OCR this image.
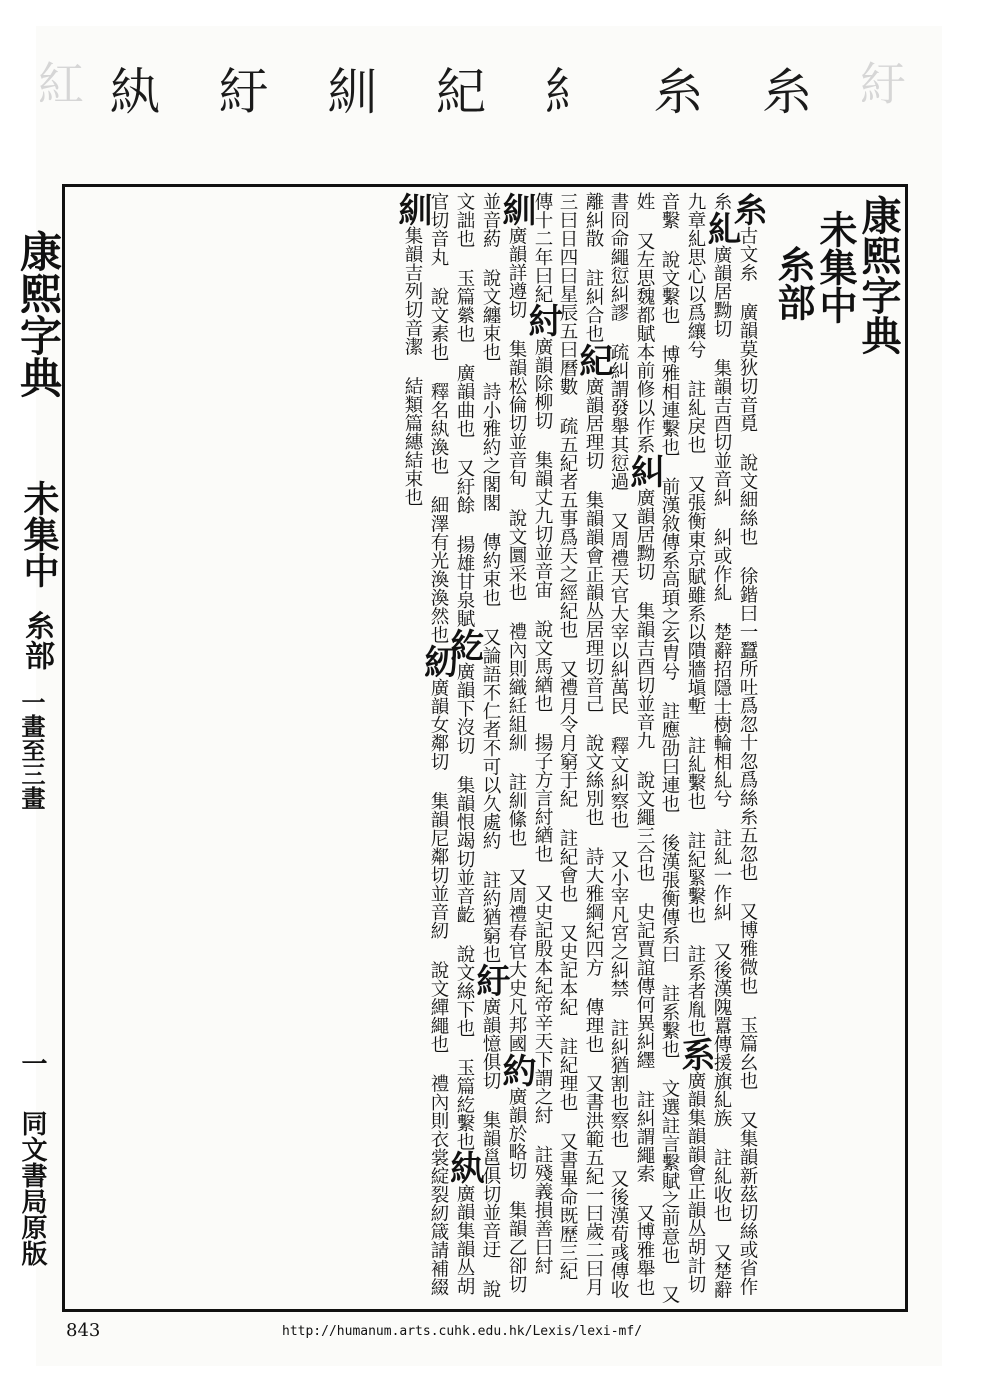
紈 紆 紃 紀 糹 糸 糸
紅	紆
康熙字典
未集中
糸部
一畫至三畫
一
同文書局原版
康熙字典
未集中
糸部
糸古文糸 廣韻莫狄切音覓 說文細絲也 徐鍇曰一蠶所吐爲忽十忽爲絲糸五忽也 又博雅微也 玉篇幺也 又集韻新茲切絲或省作糸糺廣韻居黝切 集韻吉酉切並音糾 糾或作糺 楚辭招隱士樹輪相糺兮 註糺一作糾 又後漢隗囂傳援旗糺族 註糺收也 又楚辭九章糺思心以爲纕兮 註糺戾也 又張衡東京賦雖系以隤牆塡塹 註糺繫也 註紀緊繫也 註系者胤也系廣韻集韻韻會正韻丛胡計切音繫 說文繫也 博雅相連繫也 前漢敘傳系高頊之玄胄兮 註應劭曰連也 後漢張衡傳系曰 註系繫也 文選註言繫賦之前意也 又姓 又左思魏都賦本前修以作系糾廣韻居黝切 集韻吉酉切並音九 說文繩三合也 史記賈誼傳何異糾纆 註糾謂繩索 又博雅舉也 書冏命繩愆糾謬 疏糾謂發舉其愆過 又周禮天官大宰以糾萬民 釋文糾察也 又小宰凡宮之糾禁 註糾猶割也察也 又後漢荀彧傳收離糾散 註糾合也紀廣韻居理切 集韻韻會正韻丛居理切音己 說文絲別也 詩大雅綱紀四方 傳理也 又書洪範五紀一曰歲二曰月三曰日四曰星辰五曰曆數 疏五紀者五事爲天之經紀也 又禮月令月窮于紀 註紀會也 又史記本紀 註紀理也 又書畢命既歷三紀 傳十二年曰紀紂廣韻除柳切 集韻丈九切並音宙 說文馬緧也 揚子方言紂緧也 又史記殷本紀帝辛天下謂之紂 註殘義損善曰紂紃廣韻詳遵切 集韻松倫切並音旬 說文圜采也 禮內則織紝組紃 註紃絛也 又周禮春官大史凡邦國約廣韻於略切 集韻乙卻切並音葯 說文纏束也 詩小雅約之閣閣 傳約束也 又論語不仁者不可以久處約 註約猶窮也紆廣韻憶俱切 集韻邕俱切並音迂 說文詘也 玉篇縈也 廣韻曲也 又紆餘 揚雄甘泉賦紇廣韻下沒切 集韻恨竭切並音齕 說文絲下也 玉篇紇繫也紈廣韻集韻丛胡官切音丸 說文素也 釋名紈渙也 細澤有光渙渙然也紉廣韻女鄰切 集韻尼鄰切並音紉 說文繟繩也 禮內則衣裳綻裂紉箴請補綴紃集韻吉列切音潔 結類篇繐結束也
843	http://humanum.arts.cuhk.edu.hk/Lexis/lexi-mf/
